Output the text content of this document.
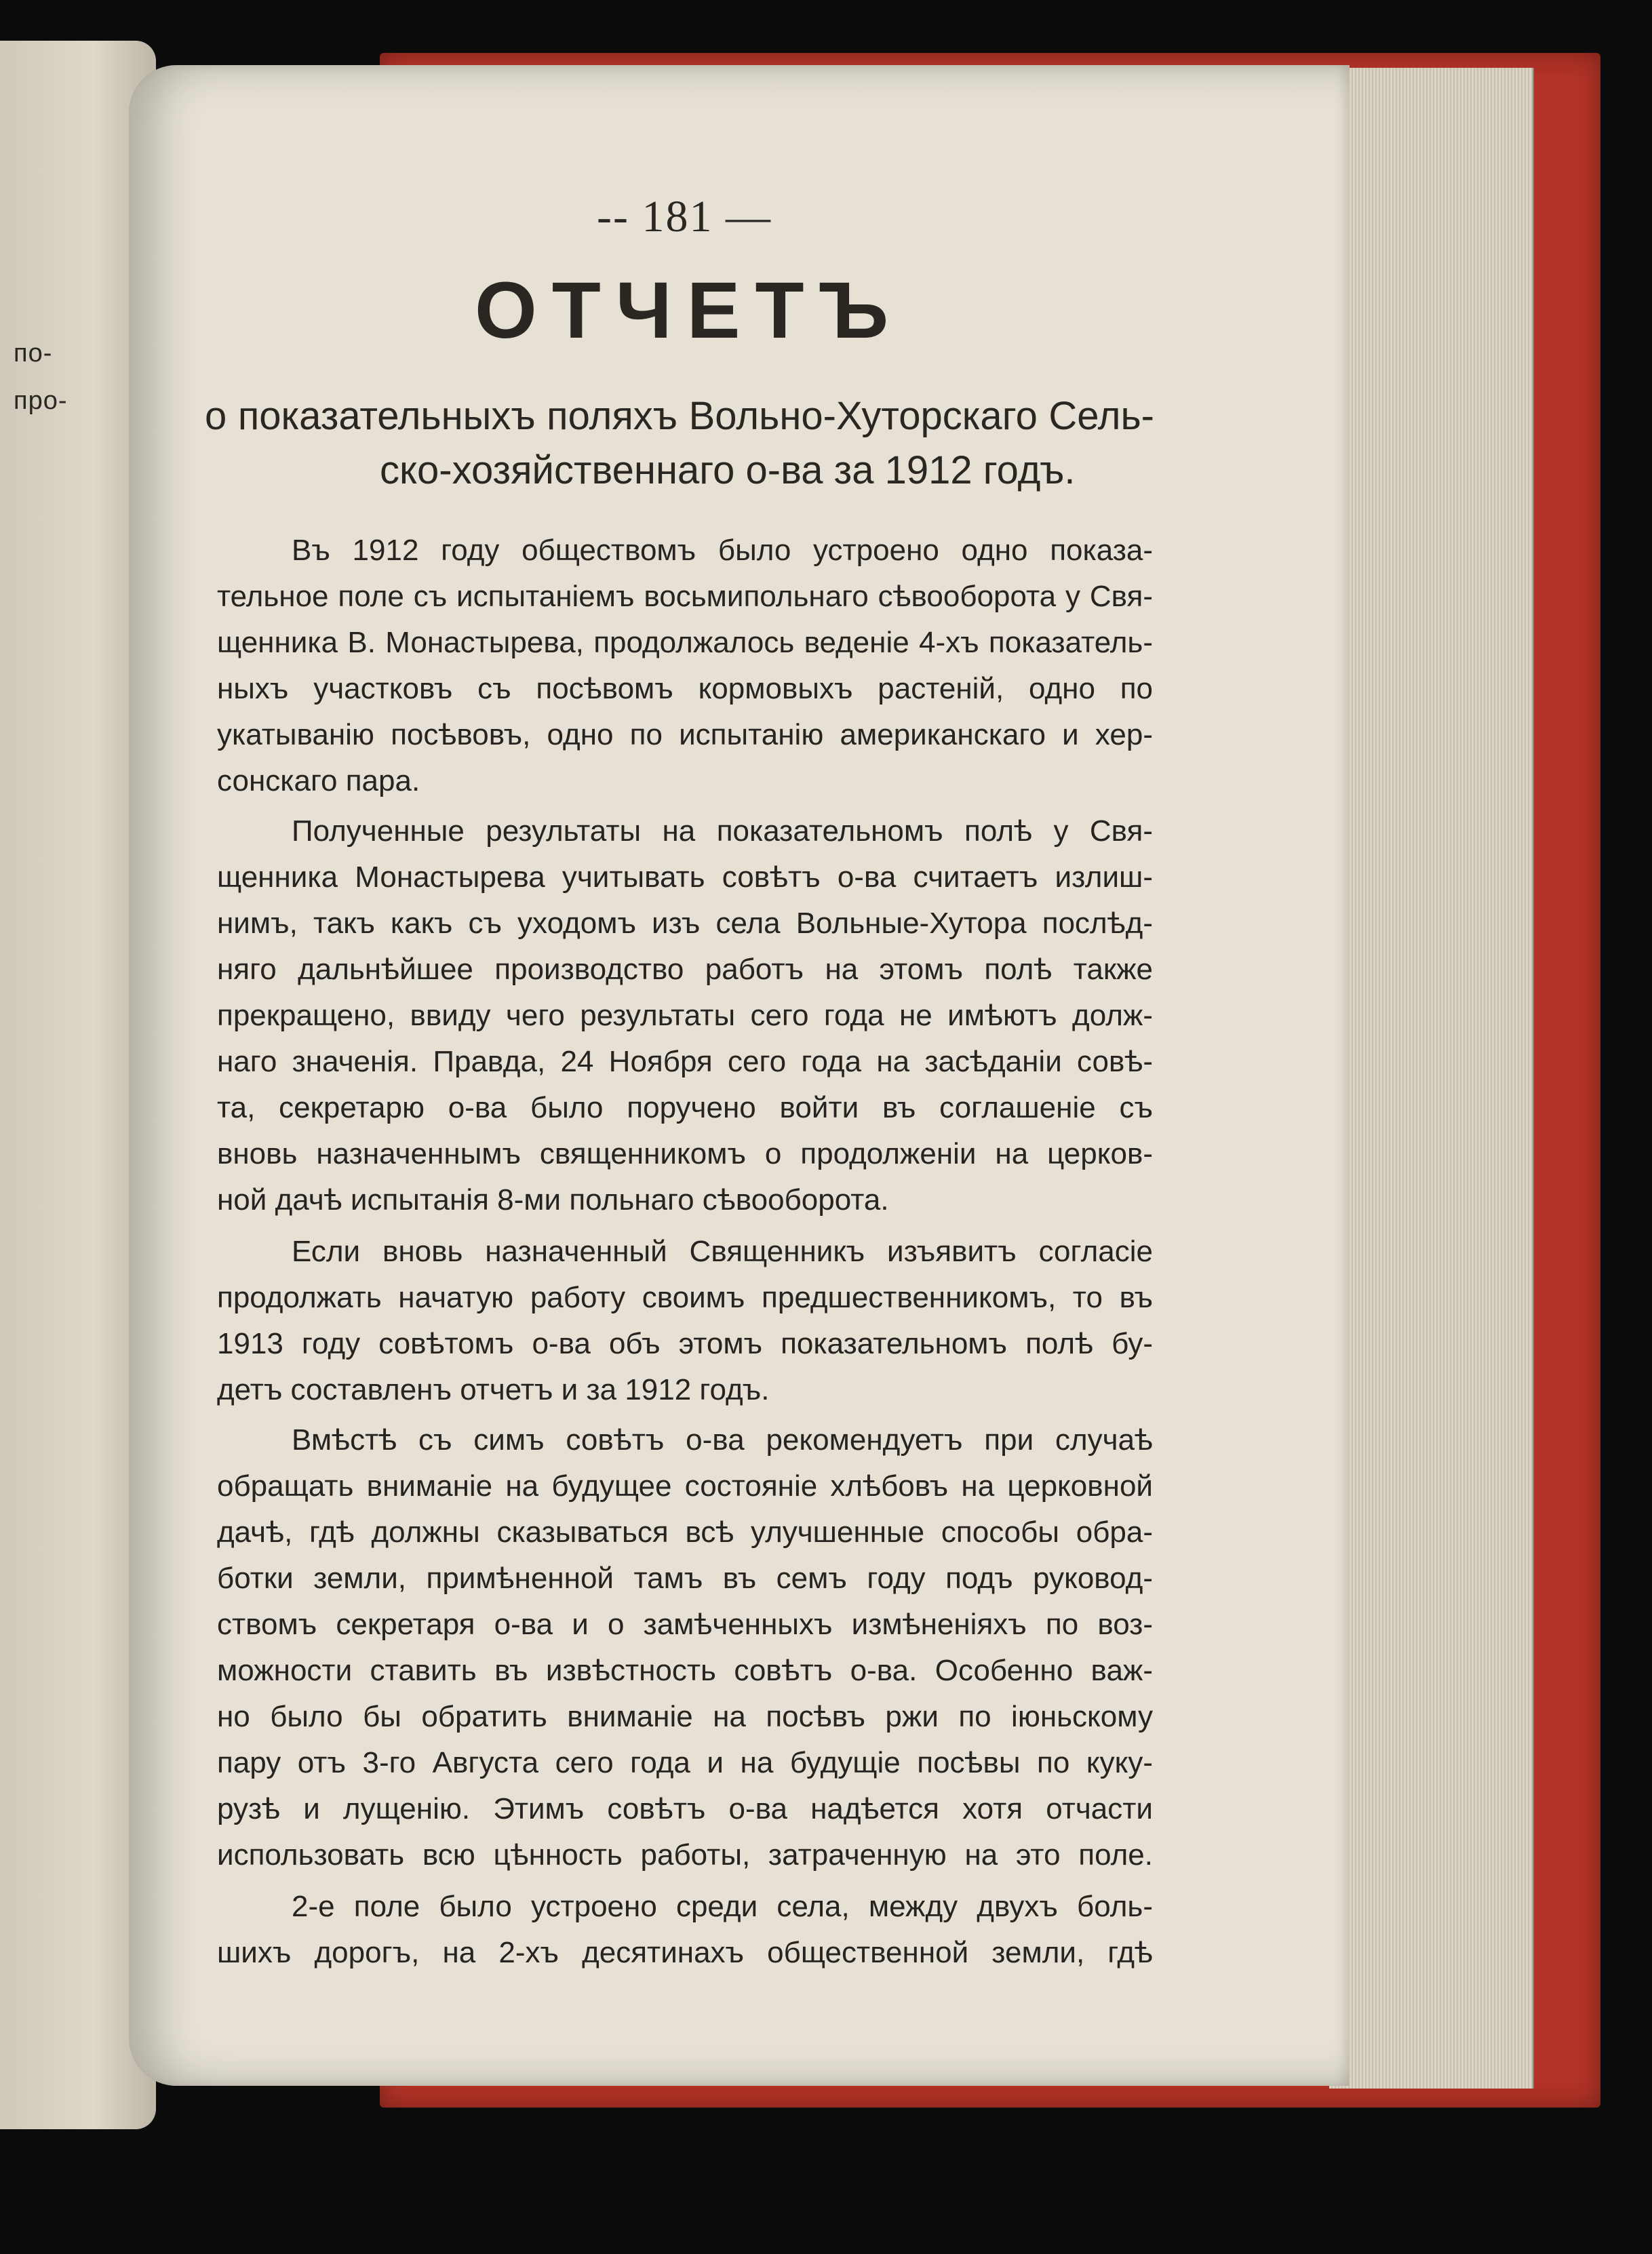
по-
про-
-- 181 —
ОТЧЕТЪ
о показательныхъ поляхъ Вольно-Хуторскаго Сель-
ско-хозяйственнаго о-ва за 1912 годъ.
Въ 1912 году обществомъ было устроено одно показа-
тельное поле съ испытаніемъ восьмипольнаго сѣвооборота у Свя-
щенника В. Монастырева, продолжалось веденіе 4-хъ показатель-
ныхъ участковъ съ посѣвомъ кормовыхъ растеній, одно по
укатыванію посѣвовъ, одно по испытанію американскаго и хер-
сонскаго пара.
Полученные результаты на показательномъ полѣ у Свя-
щенника Монастырева учитывать совѣтъ о-ва считаетъ излиш-
нимъ, такъ какъ съ уходомъ изъ села Вольные-Хутора послѣд-
няго дальнѣйшее производство работъ на этомъ полѣ также
прекращено, ввиду чего результаты сего года не имѣютъ долж-
наго значенія. Правда, 24 Ноября сего года на засѣданіи совѣ-
та, секретарю о-ва было поручено войти въ соглашеніе съ
вновь назначеннымъ священникомъ о продолженіи на церков-
ной дачѣ испытанія 8-ми польнаго сѣвооборота.
Если вновь назначенный Священникъ изъявитъ согласіе
продолжать начатую работу своимъ предшественникомъ, то въ
1913 году совѣтомъ о-ва объ этомъ показательномъ полѣ бу-
детъ составленъ отчетъ и за 1912 годъ.
Вмѣстѣ съ симъ совѣтъ о-ва рекомендуетъ при случаѣ
обращать вниманіе на будущее состояніе хлѣбовъ на церковной
дачѣ, гдѣ должны сказываться всѣ улучшенные способы обра-
ботки земли, примѣненной тамъ въ семъ году подъ руковод-
ствомъ секретаря о-ва и о замѣченныхъ измѣненіяхъ по воз-
можности ставить въ извѣстность совѣтъ о-ва. Особенно важ-
но было бы обратить вниманіе на посѣвъ ржи по іюньскому
пару отъ 3-го Августа сего года и на будущіе посѣвы по куку-
рузѣ и лущенію. Этимъ совѣтъ о-ва надѣется хотя отчасти
использовать всю цѣнность работы, затраченную на это поле.
2-е поле было устроено среди села, между двухъ боль-
шихъ дорогъ, на 2-хъ десятинахъ общественной земли, гдѣ
